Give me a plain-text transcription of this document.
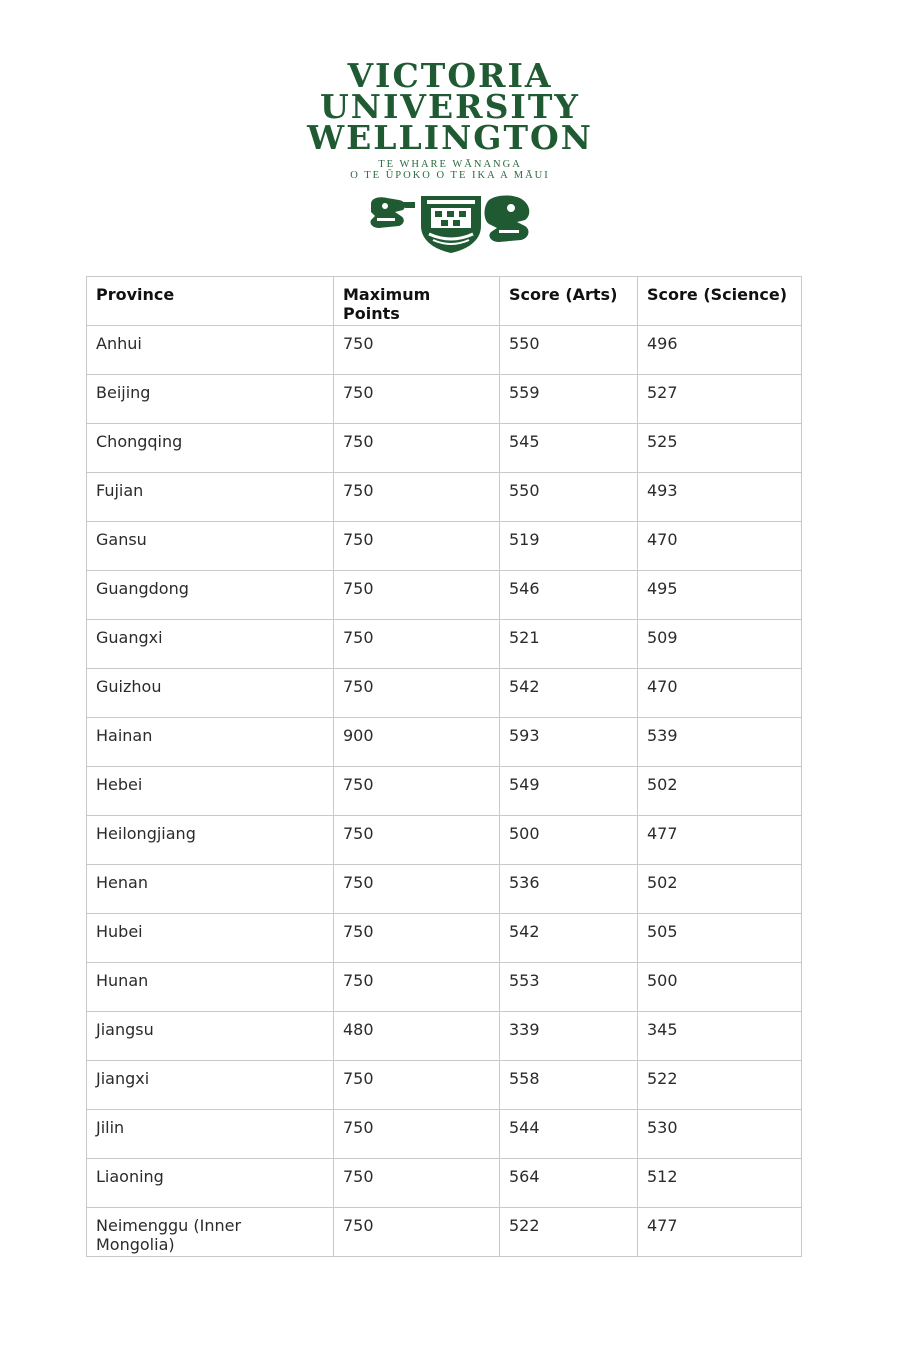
VICTORIA
UNIVERSITY
WELLINGTON
TE WHARE WĀNANGA
O TE ŪPOKO O TE IKA A MĀUI
Province	Maximum Points	Score (Arts)	Score (Science)
Anhui	750	550	496
Beijing	750	559	527
Chongqing	750	545	525
Fujian	750	550	493
Gansu	750	519	470
Guangdong	750	546	495
Guangxi	750	521	509
Guizhou	750	542	470
Hainan	900	593	539
Hebei	750	549	502
Heilongjiang	750	500	477
Henan	750	536	502
Hubei	750	542	505
Hunan	750	553	500
Jiangsu	480	339	345
Jiangxi	750	558	522
Jilin	750	544	530
Liaoning	750	564	512
Neimenggu (Inner Mongolia)	750	522	477
